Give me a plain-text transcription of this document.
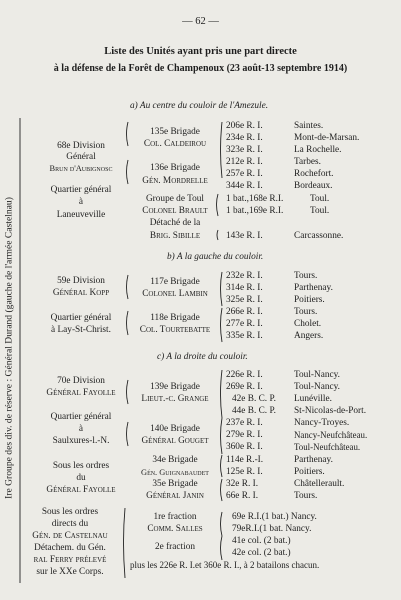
— 62 —
Liste des Unités ayant pris une part directe
à la défense de la Forêt de Champenoux (23 août-13 septembre 1914)
Ire Groupe des div. de réserve : Général Durand (gauche de l'armée Castelnau)
a) Au centre du couloir de l'Amezule.
68e Division
Général
Brun d'Aubignosc
Quartier général
à
Laneuveville
135e Brigade
Col. Caldeirou
136e Brigade
Gén. Mordrelle
Groupe de Toul
Colonel Brault
Détaché de la
Brig. Sibille
206e R. I.
234e R. I.
323e R. I.
212e R. I.
257e R. I.
344e R. I.
1 bat.,168e R.I.
1 bat.,169e R.I.
143e R. I.
Saintes.
Mont-de-Marsan.
La Rochelle.
Tarbes.
Rochefort.
Bordeaux.
Toul.
Toul.
Carcassonne.
b) A la gauche du couloir.
59e Division
Général Kopp
Quartier général
à Lay-St-Christ.
117e Brigade
Colonel Lambin
118e Brigade
Col. Tourtebatte
232e R. I.
314e R. I.
325e R. I.
266e R. I.
277e R. I.
335e R. I.
Tours.
Parthenay.
Poitiers.
Tours.
Cholet.
Angers.
c) A la droite du couloir.
70e Division
Général Fayolle
Quartier général
à
Saulxures-l.-N.
Sous les ordres
du
Général Fayolle
139e Brigade
Lieut.-c. Grange
140e Brigade
Général Gouget
34e Brigade
Gén. Guignabaudet
35e Brigade
Général Janin
226e R. I.
269e R. I.
42e B. C. P.
44e B. C. P.
237e R. I.
279e R. I.
360e R. I.
114e R.-I.
125e R. I.
32e R. I.
66e R. I.
Toul-Nancy.
Toul-Nancy.
Lunéville.
St-Nicolas-de-Port.
Nancy-Troyes.
Nancy-Neufchâteau.
Toul-Neufchâteau.
Parthenay.
Poitiers.
Châtellerault.
Tours.
Sous les ordres
directs du
Gén. de Castelnau
Détachem. du Gén.
ral Ferry prélevé
sur le XXe Corps.
1re fraction
Comm. Salles
2e fraction
69e R.I.(1 bat.) Nancy.
79eR.I.(1 bat. Nancy.
41e col. (2 bat.)
42e col. (2 bat.)
plus les 226e R. I.et 360e R. I., à 2 batailons chacun.
